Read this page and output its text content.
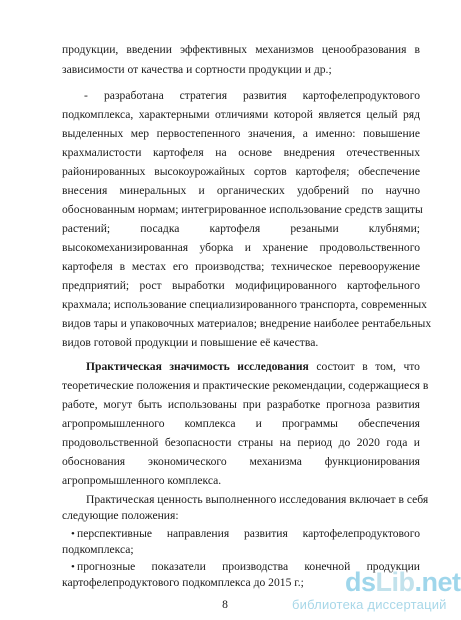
продукции, введении эффективных механизмов ценообразования в
зависимости от качества и сортности продукции и др.;
- разработана стратегия развития картофелепродуктового
подкомплекса, характерными отличиями которой является целый ряд
выделенных мер первостепенного значения, а именно: повышение
крахмалистости картофеля на основе внедрения отечественных
районированных высокоурожайных сортов картофеля; обеспечение
внесения минеральных и органических удобрений по научно
обоснованным нормам; интегрированное использование средств защиты
растений; посадка картофеля резаными клубнями;
высокомеханизированная уборка и хранение продовольственного
картофеля в местах его производства; техническое перевооружение
предприятий; рост выработки модифицированного картофельного
крахмала; использование специализированного транспорта, современных
видов тары и упаковочных материалов; внедрение наиболее рентабельных
видов готовой продукции и повышение её качества.
Практическая значимость исследования состоит в том, что
теоретические положения и практические рекомендации, содержащиеся в
работе, могут быть использованы при разработке прогноза развития
агропромышленного комплекса и программы обеспечения
продовольственной безопасности страны на период до 2020 года и
обоснования экономического механизма функционирования
агропромышленного комплекса.
Практическая ценность выполненного исследования включает в себя
следующие положения:
• перспективные направления развития картофелепродуктового
подкомплекса;
•
8
dsLib.net
библиотека диссертаций
прогнозные показатели производства конечной продукции
картофелепродуктового подкомплекса до 2015 г.;
